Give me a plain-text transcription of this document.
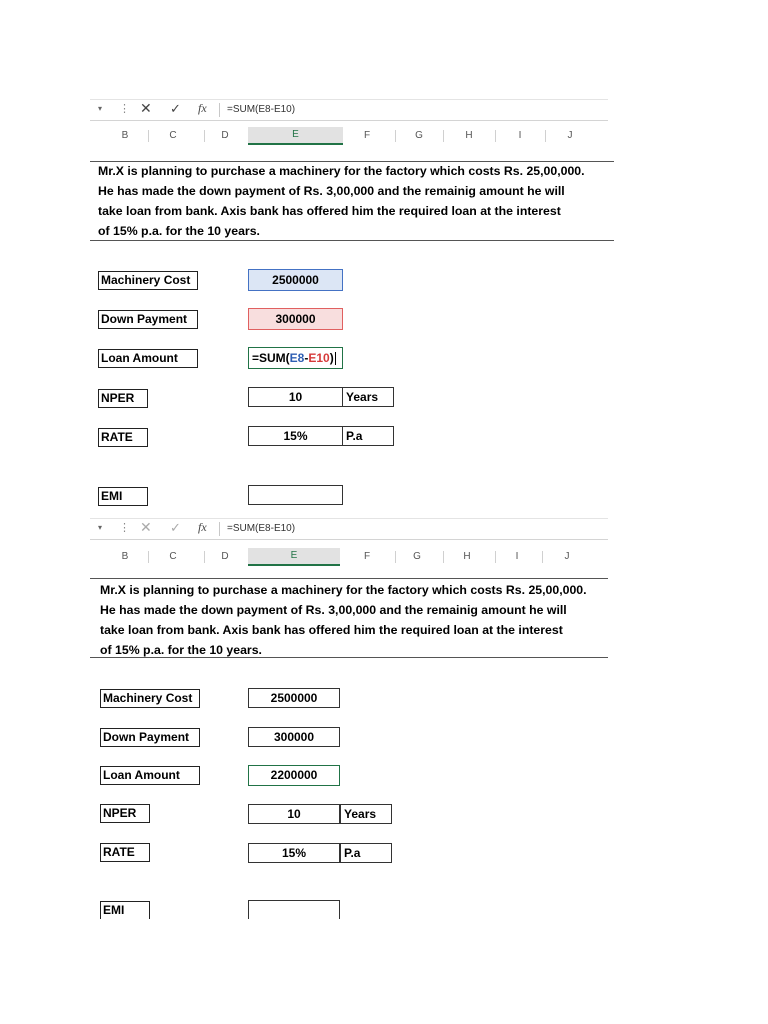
▾ ⋮ ✕ ✓ fx =SUM(E8-E10)
B	C	D	E	F	G	H	I	J
Mr.X is planning to purchase a machinery for the factory which costs Rs. 25,00,000.
He has made the down payment of Rs. 3,00,000 and the remainig amount he will
take loan from bank. Axis bank has offered him the required loan at the interest
of 15% p.a. for the 10 years.
Machinery Cost	2500000
Down Payment	300000
Loan Amount	=SUM(E8-E10)
NPER	10	Years
RATE	15%	P.a
EMI
▾ ⋮ ✕ ✓ fx =SUM(E8-E10)
B	C	D	E	F	G	H	I	J
Mr.X is planning to purchase a machinery for the factory which costs Rs. 25,00,000.
He has made the down payment of Rs. 3,00,000 and the remainig amount he will
take loan from bank. Axis bank has offered him the required loan at the interest
of 15% p.a. for the 10 years.
Machinery Cost	2500000
Down Payment	300000
Loan Amount	2200000
NPER	10	Years
RATE	15%	P.a
EMI
